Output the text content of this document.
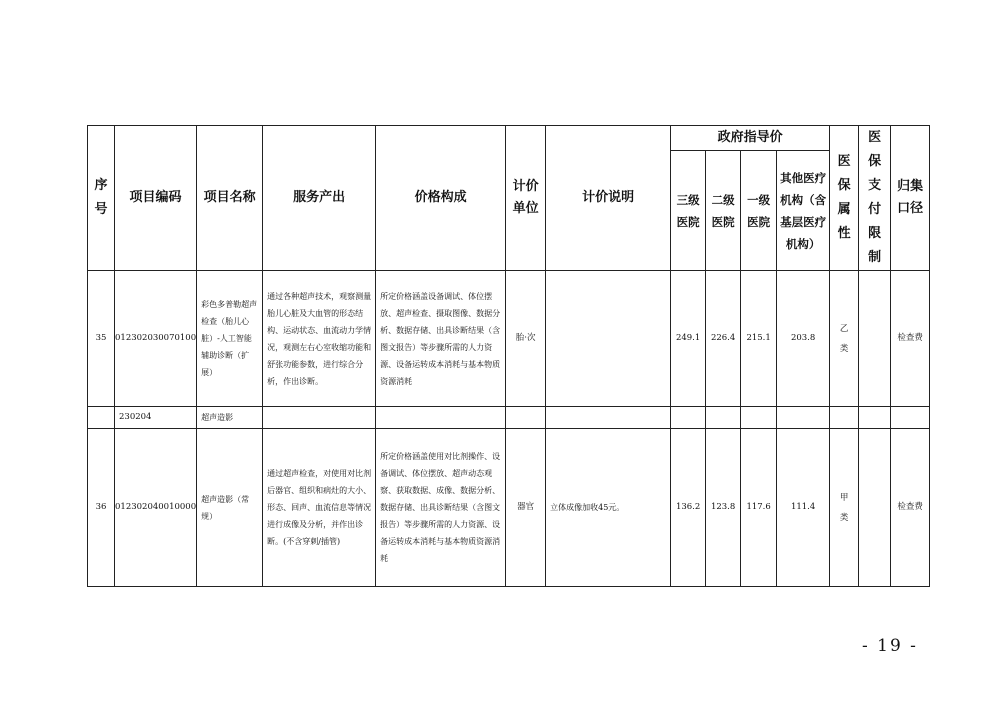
序号	项目编码	项目名称	服务产出	价格构成	计价单位	计价说明	政府指导价				医保属性	医保支付限制	归集口径

							三级医院	二级医院	一级医院	其他医疗机构（含基层医疗机构）			

35	012302030070100	彩色多普勒超声检查（胎儿心脏）-人工智能辅助诊断（扩展）	通过各种超声技术，观察测量胎儿心脏及大血管的形态结构、运动状态、血流动力学情况，观测左右心室收缩功能和舒张功能参数，进行综合分析，作出诊断。	所定价格涵盖设备调试、体位摆放、超声检查、摄取图像、数据分析、数据存储、出具诊断结果（含图文报告）等步骤所需的人力资源、设备运转成本消耗与基本物质资源消耗	胎·次		249.1	226.4	215.1	203.8	乙类		检查费
	230204	超声造影											
36	012302040010000	超声造影（常规）	通过超声检查，对使用对比剂后器官、组织和病灶的大小、形态、回声、血流信息等情况进行成像及分析，并作出诊断。(不含穿刺/插管)	所定价格涵盖使用对比剂操作、设备调试、体位摆放、超声动态观察、获取数据、成像、数据分析、数据存储、出具诊断结果（含图文报告）等步骤所需的人力资源、设备运转成本消耗与基本物质资源消耗	器官	立体成像加收45元。	136.2	123.8	117.6	111.4	甲类		检查费
- 19 -
